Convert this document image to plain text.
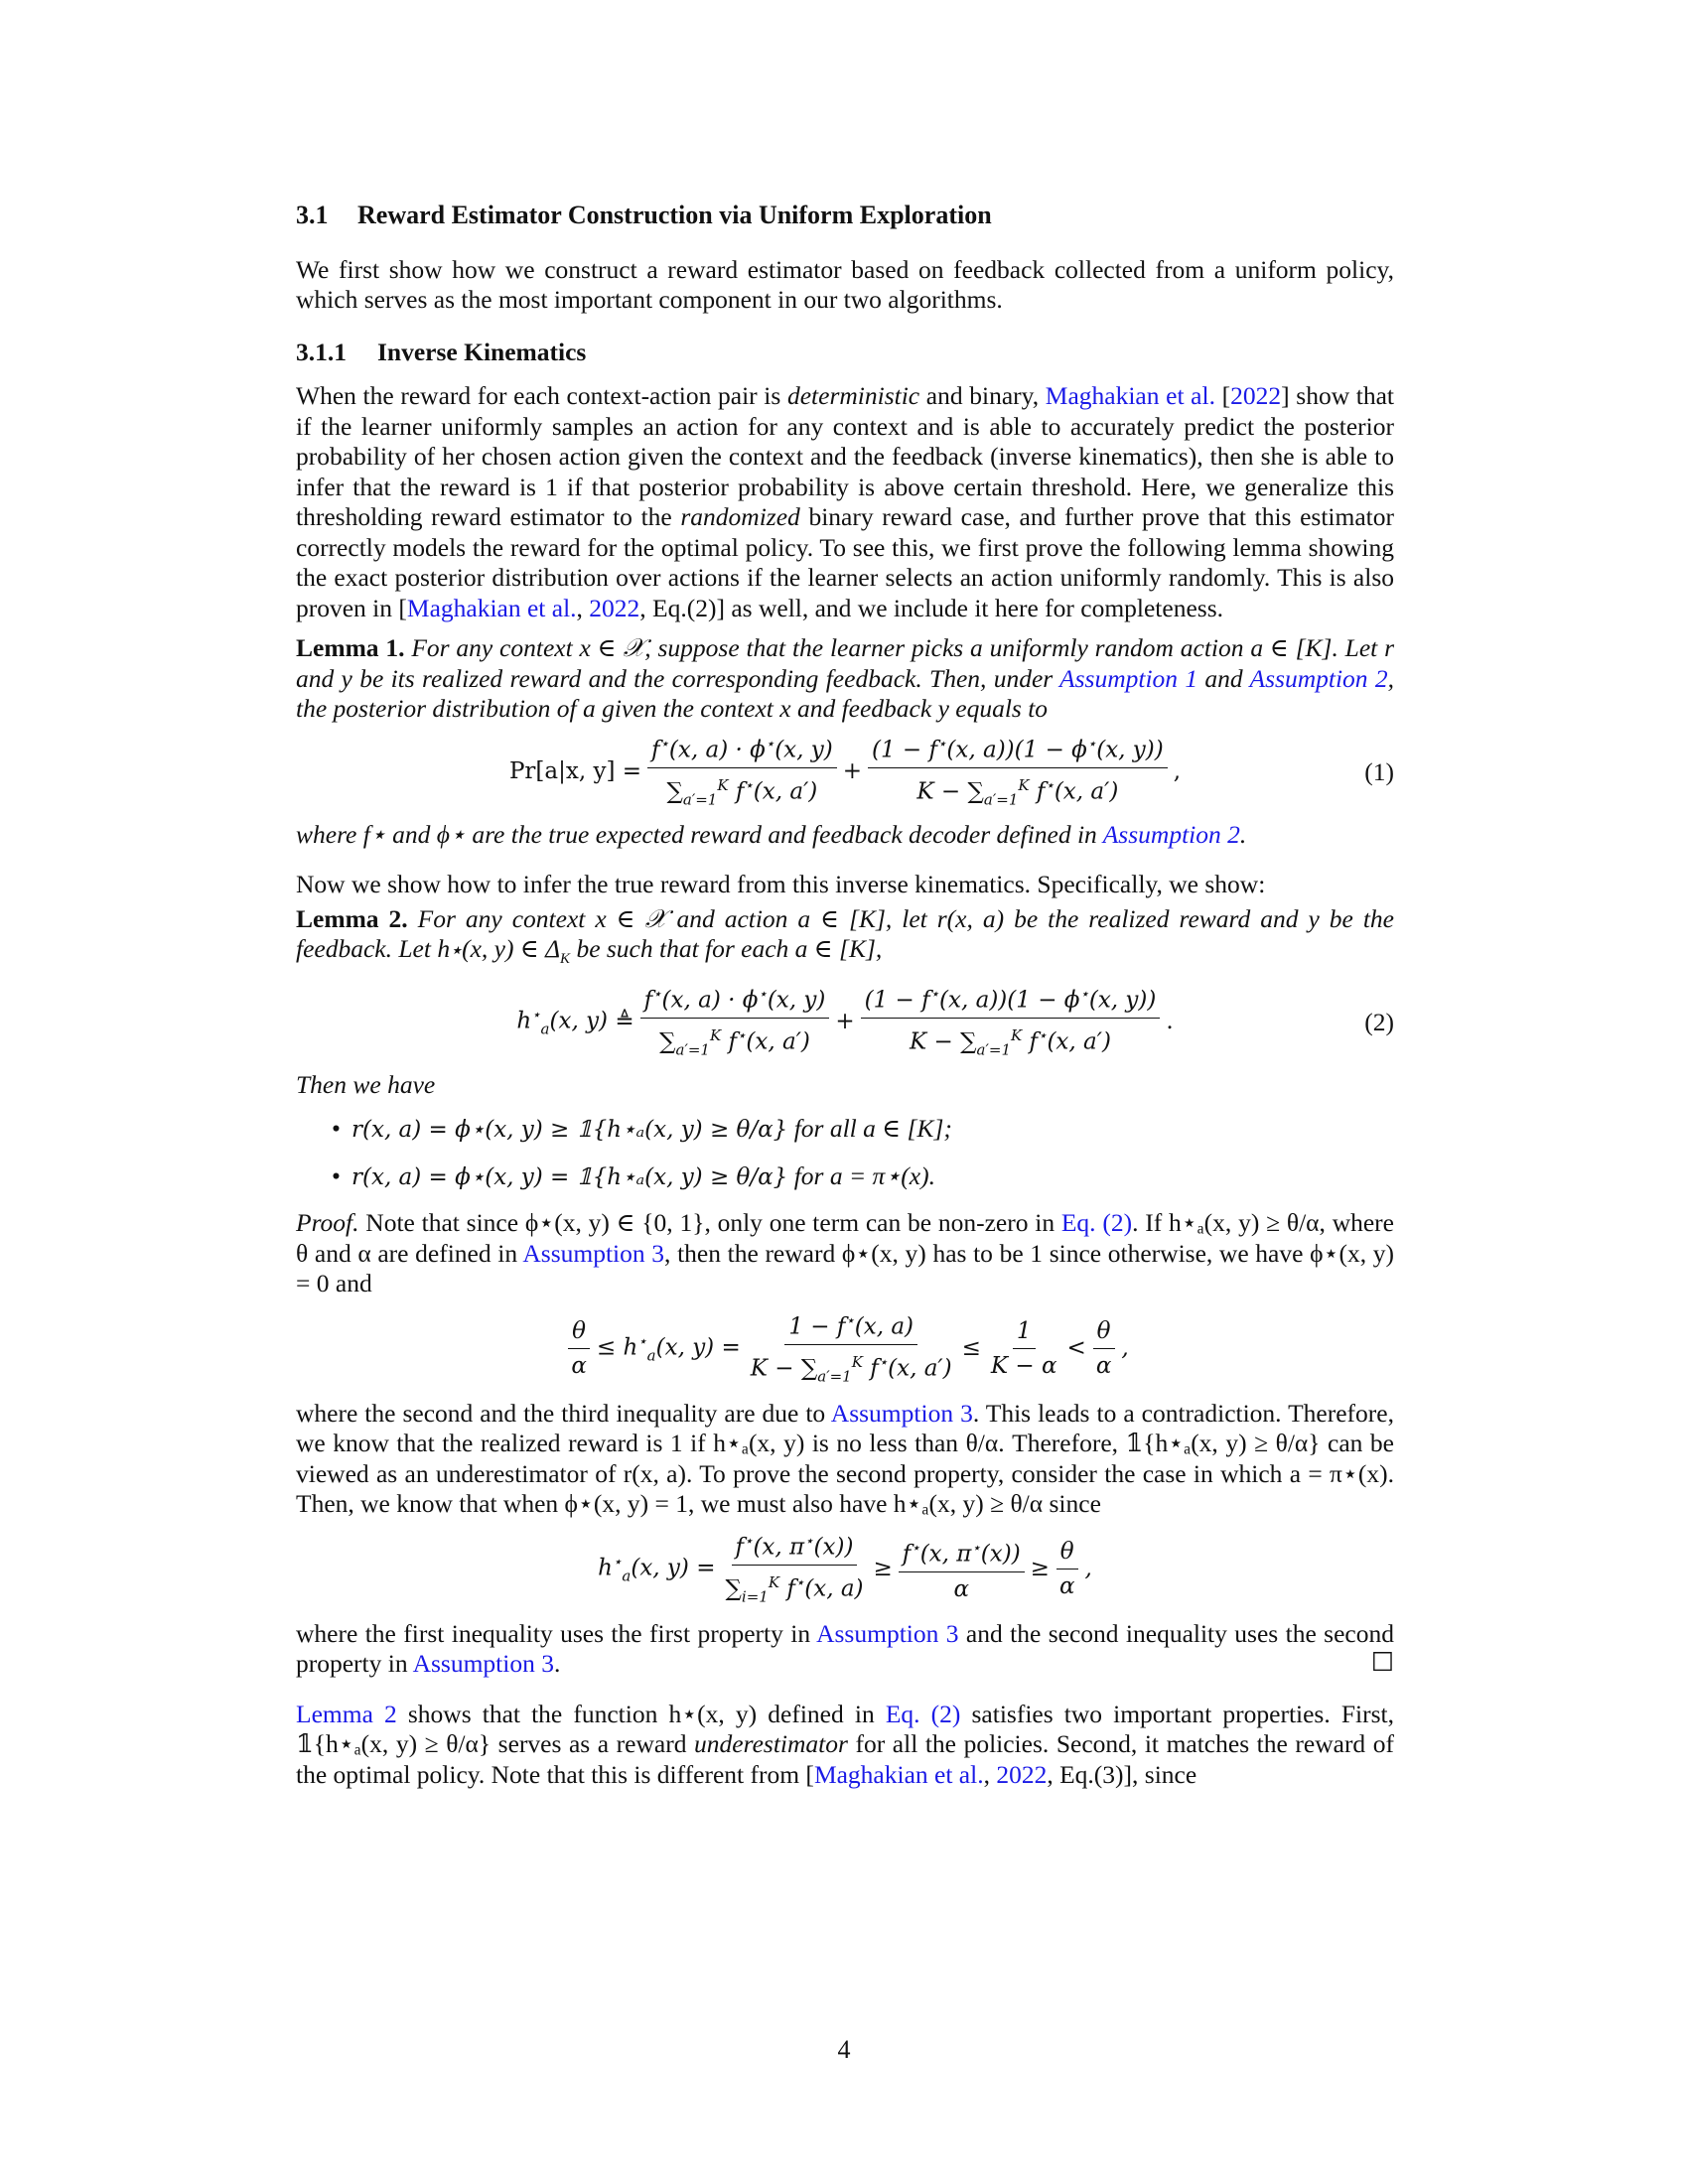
3.1 Reward Estimator Construction via Uniform Exploration

We first show how we construct a reward estimator based on feedback collected from a uniform policy, which serves as the most important component in our two algorithms.

3.1.1 Inverse Kinematics

When the reward for each context-action pair is deterministic and binary, Maghakian et al. [2022] show that if the learner uniformly samples an action for any context and is able to accurately predict the posterior probability of her chosen action given the context and the feedback (inverse kinematics), then she is able to infer that the reward is 1 if that posterior probability is above certain threshold. Here, we generalize this thresholding reward estimator to the randomized binary reward case, and further prove that this estimator correctly models the reward for the optimal policy. To see this, we first prove the following lemma showing the exact posterior distribution over actions if the learner selects an action uniformly randomly. This is also proven in [Maghakian et al., 2022, Eq.(2)] as well, and we include it here for completeness.

Lemma 1. For any context x ∈ 𝒳, suppose that the learner picks a uniformly random action a ∈ [K]. Let r and y be its realized reward and the corresponding feedback. Then, under Assumption 1 and Assumption 2, the posterior distribution of a given the context x and feedback y equals to

Pr[a|x, $y] = \frac{f^⋆(x, a) \cdot \phi^⋆(x, y)}{\sum_{a'=1}^K f^⋆(x, a')} + \frac{(1 - f^⋆(x, a))(1 - \phi^⋆(x, y))}{K - \sum_{a'=1}^K f^⋆(x, a')}$ ,	(1)

where f⋆ and ϕ⋆ are the true expected reward and feedback decoder defined in Assumption 2.

Now we show how to infer the true reward from this inverse kinematics. Specifically, we show:

Lemma 2. For any context x ∈ 𝒳 and action a ∈ [K], let r(x, a) be the realized reward and y be the feedback. Let h⋆(x, y) ∈ $\Delta_K$ be such that for each a ∈ [K],

$h^⋆_a(x$, y) ≜ $\frac{f^⋆(x, a) \cdot \phi^⋆(x, y)}{\sum_{a'=1}^K f^⋆(x, a')} + \frac{(1 - f^⋆(x, a))(1 - \phi^⋆(x, y))}{K - \sum_{a'=1}^K f^⋆(x, a')}$ .	(2)

Then we have

• r(x, a) = ϕ⋆(x, y) ≥ 𝟙{h⋆ₐ(x, y) ≥ θ/α} for all a ∈ [K];
• r(x, a) = ϕ⋆(x, y) = 𝟙{h⋆ₐ(x, y) ≥ θ/α} for a = π⋆(x).

Proof. Note that since ϕ⋆(x, y) ∈ {0, 1}, only one term can be non-zero in Eq. (2). If h⋆ₐ(x, y) ≥ θ/α, where θ and α are defined in Assumption 3, then the reward ϕ⋆(x, y) has to be 1 since otherwise, we have ϕ⋆(x, y) = 0 and

$\frac{\theta}{\alpha} \le h^⋆_a(x$, $y) = \frac{1 - f^⋆(x, a)}{K - \sum_{a'=1}^K f^⋆(x, a')} \le \frac{1}{K - \alpha} < \frac{\theta}{\alpha}$ ,

where the second and the third inequality are due to Assumption 3. This leads to a contradiction. Therefore, we know that the realized reward is 1 if h⋆ₐ(x, y) is no less than θ/α. Therefore, 𝟙{h⋆ₐ(x, y) ≥ θ/α} can be viewed as an underestimator of r(x, a). To prove the second property, consider the case in which a = π⋆(x). Then, we know that when ϕ⋆(x, y) = 1, we must also have h⋆ₐ(x, y) ≥ θ/α since

$h^⋆_a(x$, $y) = \frac{f^⋆(x, \pi^⋆(x))}{\sum_{i=1}^K f^⋆(x, a)} \ge \frac{f^⋆(x, \pi^⋆(x))}{\alpha} \ge \frac{\theta}{\alpha}$ ,

where the first inequality uses the first property in Assumption 3 and the second inequality uses the second property in Assumption 3.	☐

Lemma 2 shows that the function h⋆(x, y) defined in Eq. (2) satisfies two important properties. First, 𝟙{h⋆ₐ(x, y) ≥ θ/α} serves as a reward underestimator for all the policies. Second, it matches the reward of the optimal policy. Note that this is different from [Maghakian et al., 2022, Eq.(3)], since

4
